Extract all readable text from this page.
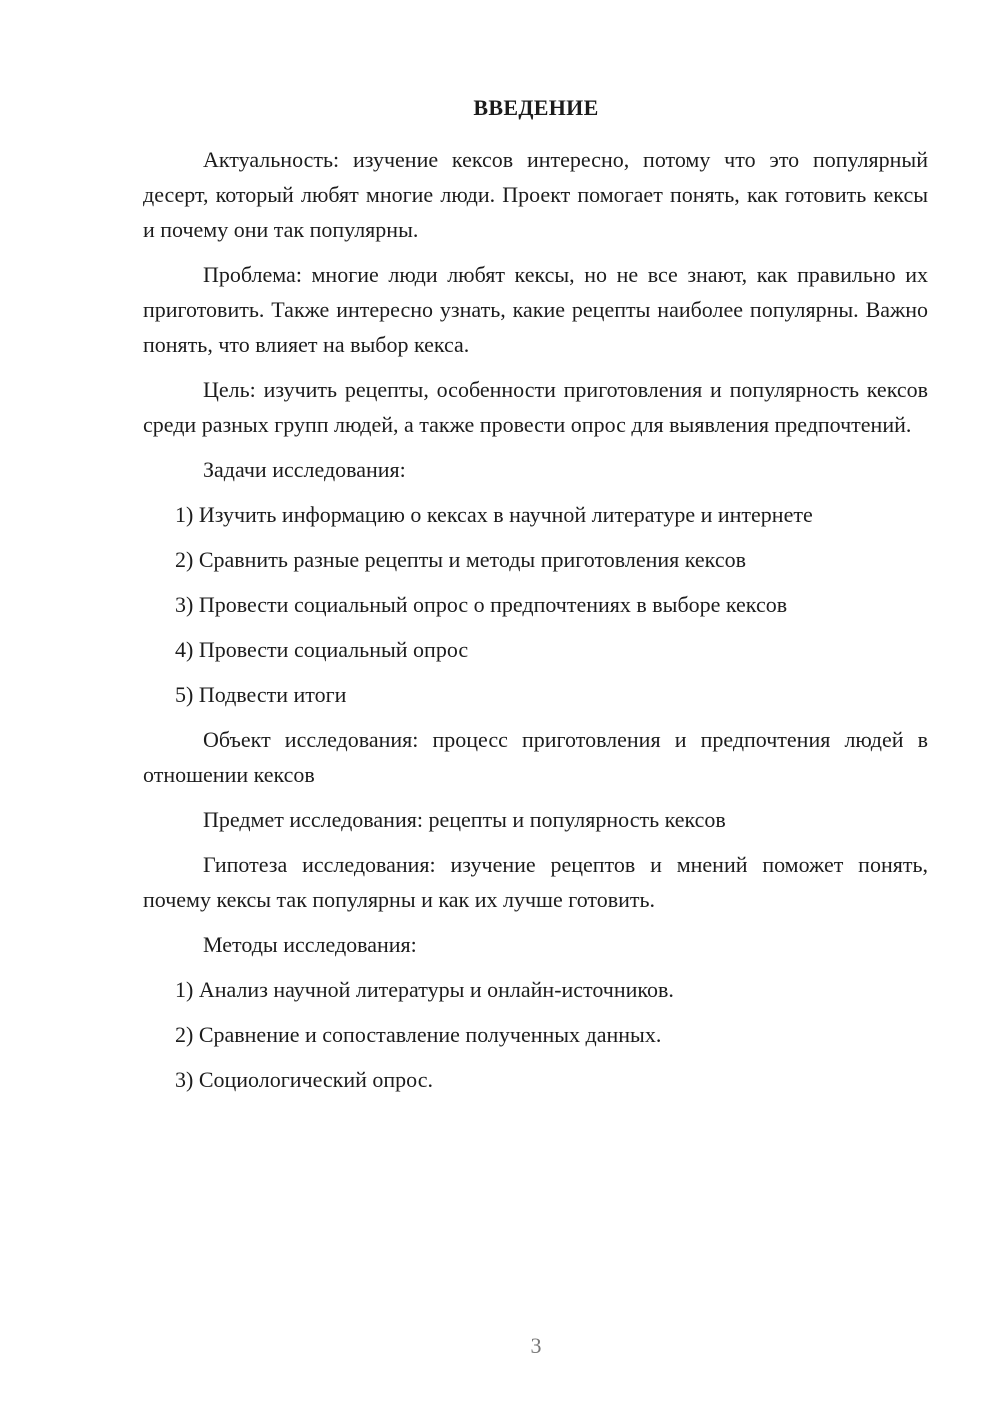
ВВЕДЕНИЕ

Актуальность: изучение кексов интересно, потому что это популярный десерт, который любят многие люди. Проект помогает понять, как готовить кексы и почему они так популярны.

Проблема: многие люди любят кексы, но не все знают, как правильно их приготовить. Также интересно узнать, какие рецепты наиболее популярны. Важно понять, что влияет на выбор кекса.

Цель: изучить рецепты, особенности приготовления и популярность кексов среди разных групп людей, а также провести опрос для выявления предпочтений.

Задачи исследования:

1) Изучить информацию о кексах в научной литературе и интернете
2) Сравнить разные рецепты и методы приготовления кексов
3) Провести социальный опрос о предпочтениях в выборе кексов
4) Провести социальный опрос
5) Подвести итоги

Объект исследования: процесс приготовления и предпочтения людей в отношении кексов

Предмет исследования: рецепты и популярность кексов

Гипотеза исследования: изучение рецептов и мнений поможет понять, почему кексы так популярны и как их лучше готовить.

Методы исследования:

1) Анализ научной литературы и онлайн-источников.
2) Сравнение и сопоставление полученных данных.
3) Социологический опрос.
3
